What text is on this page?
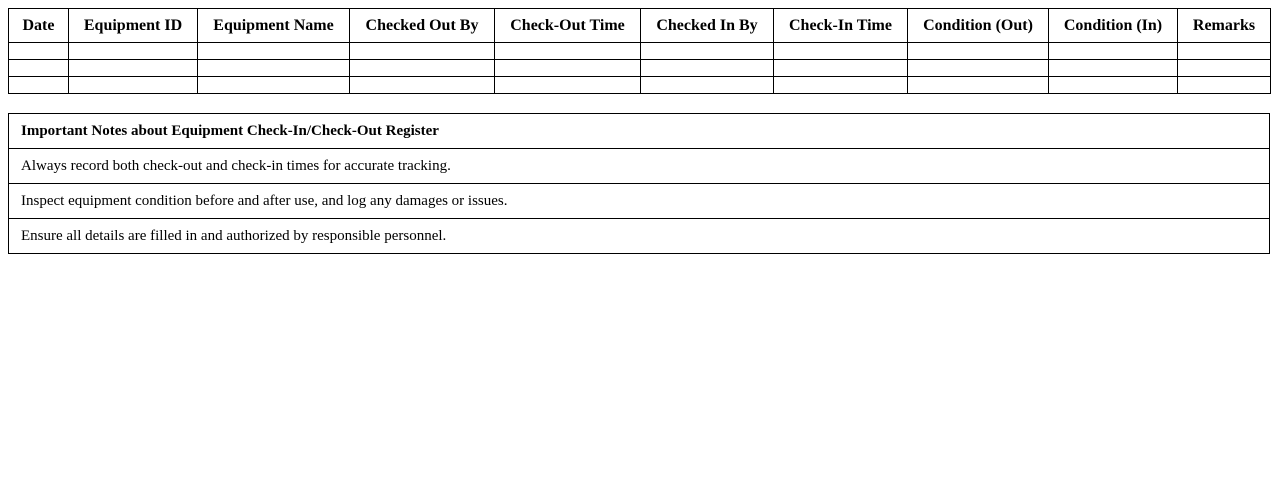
Date	Equipment ID	Equipment Name	Checked Out By	Check-Out Time	Checked In By	Check-In Time	Condition (Out)	Condition (In)	Remarks

Important Notes about Equipment Check-In/Check-Out Register
Always record both check-out and check-in times for accurate tracking.
Inspect equipment condition before and after use, and log any damages or issues.
Ensure all details are filled in and authorized by responsible personnel.
